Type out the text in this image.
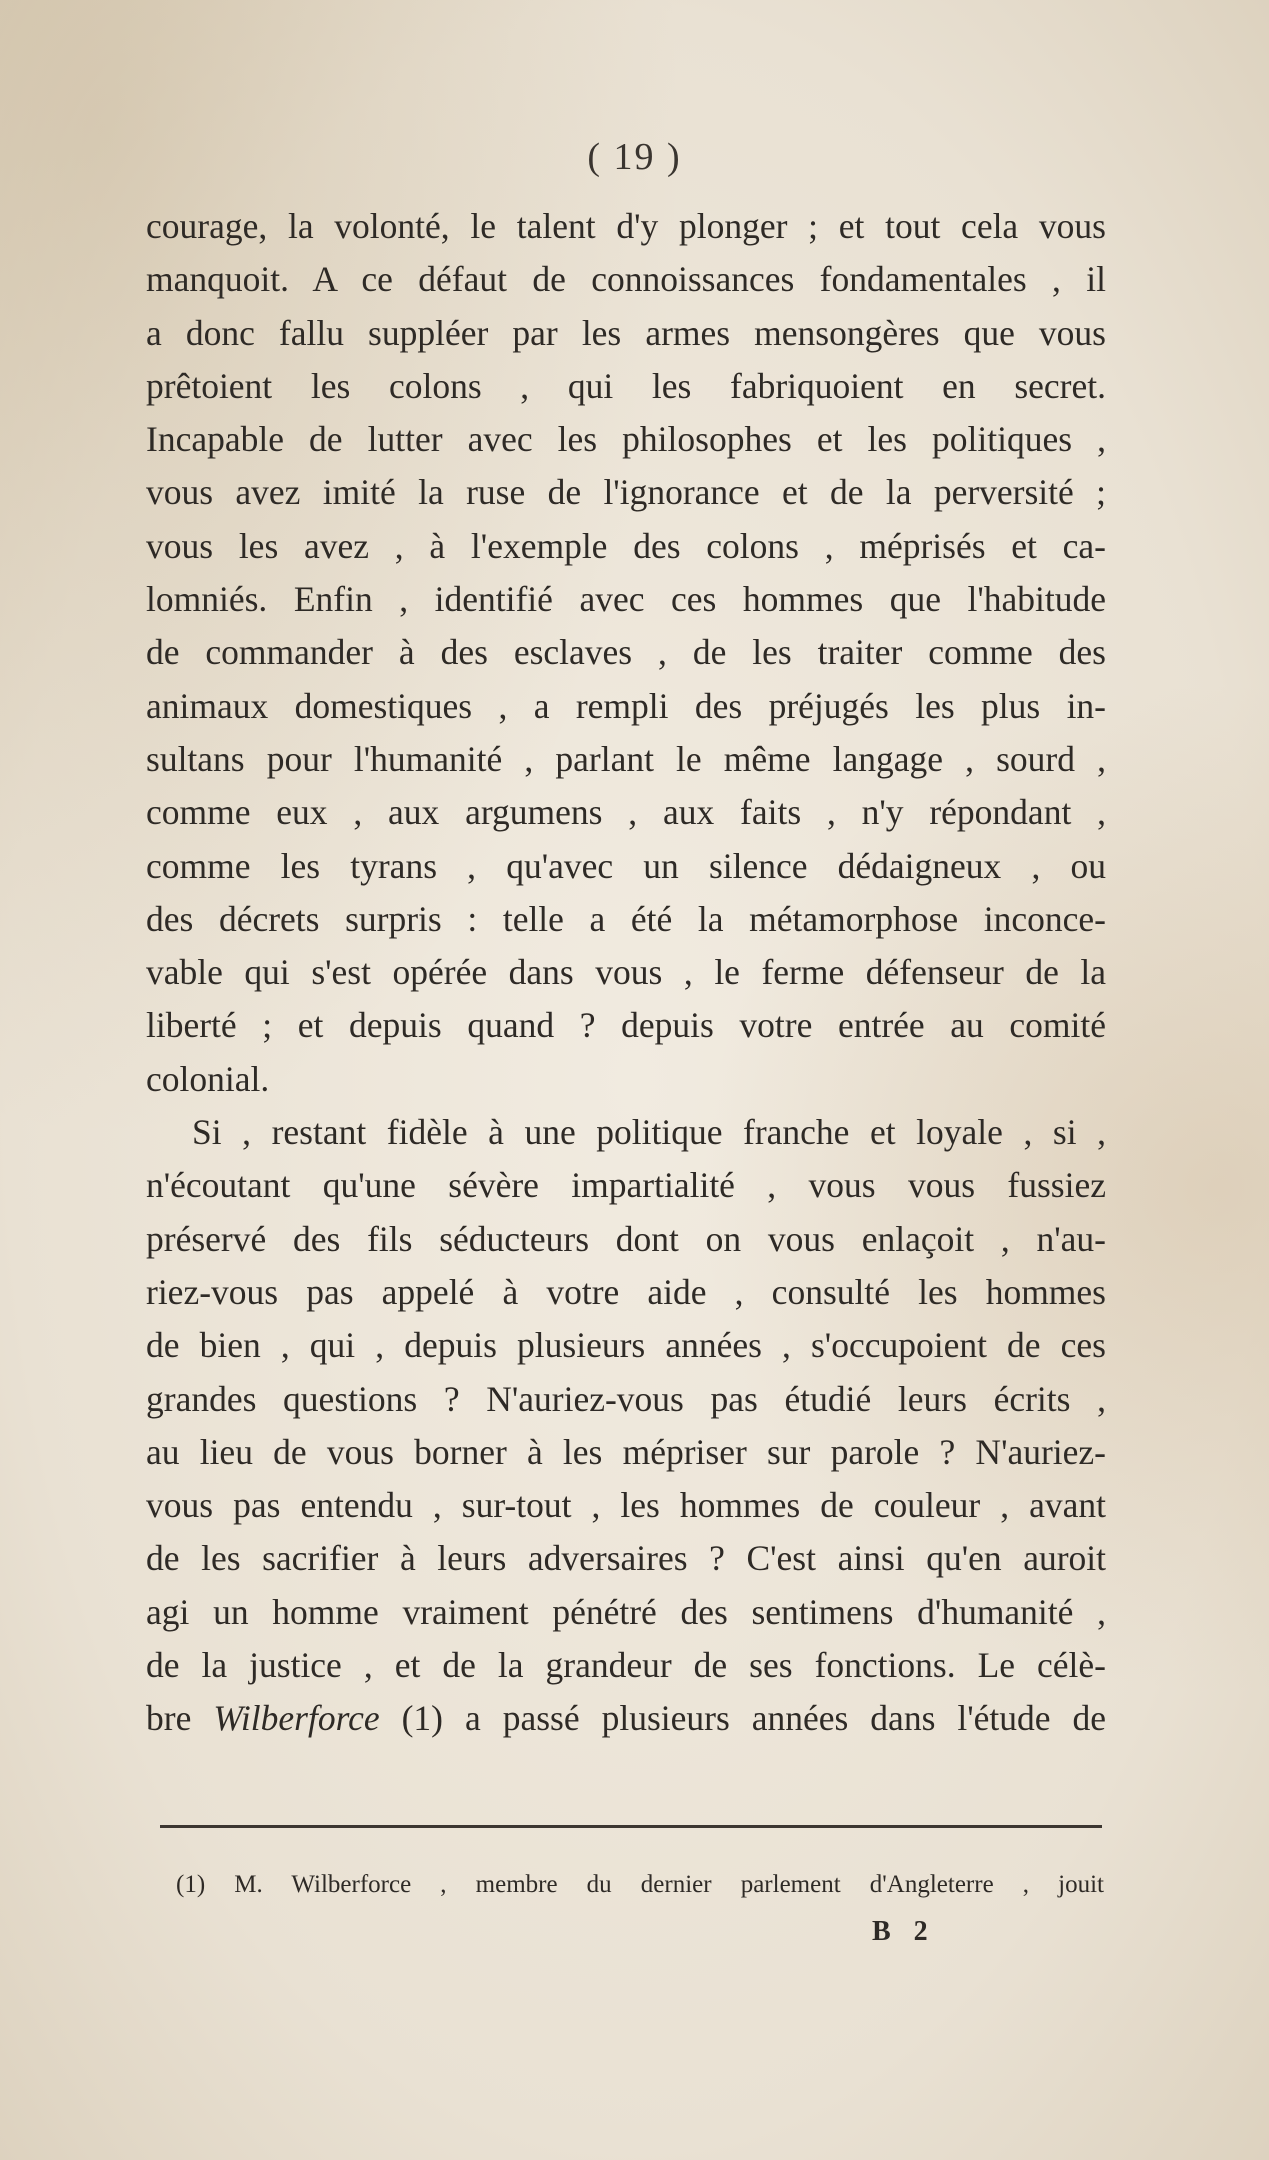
( 19 )
courage, la volonté, le talent d'y plonger ; et tout cela vous
manquoit. A ce défaut de connoissances fondamentales , il
a donc fallu suppléer par les armes mensongères que vous
prêtoient les colons , qui les fabriquoient en secret.
Incapable de lutter avec les philosophes et les politiques ,
vous avez imité la ruse de l'ignorance et de la perversité ;
vous les avez , à l'exemple des colons , méprisés et ca-
lomniés. Enfin , identifié avec ces hommes que l'habitude
de commander à des esclaves , de les traiter comme des
animaux domestiques , a rempli des préjugés les plus in-
sultans pour l'humanité , parlant le même langage , sourd ,
comme eux , aux argumens , aux faits , n'y répondant ,
comme les tyrans , qu'avec un silence dédaigneux , ou
des décrets surpris : telle a été la métamorphose inconce-
vable qui s'est opérée dans vous , le ferme défenseur de la
liberté ; et depuis quand ? depuis votre entrée au comité
colonial.
Si , restant fidèle à une politique franche et loyale , si ,
n'écoutant qu'une sévère impartialité , vous vous fussiez
préservé des fils séducteurs dont on vous enlaçoit , n'au-
riez-vous pas appelé à votre aide , consulté les hommes
de bien , qui , depuis plusieurs années , s'occupoient de ces
grandes questions ? N'auriez-vous pas étudié leurs écrits ,
au lieu de vous borner à les mépriser sur parole ? N'auriez-
vous pas entendu , sur-tout , les hommes de couleur , avant
de les sacrifier à leurs adversaires ? C'est ainsi qu'en auroit
agi un homme vraiment pénétré des sentimens d'humanité ,
de la justice , et de la grandeur de ses fonctions. Le célè-
bre Wilberforce (1) a passé plusieurs années dans l'étude de
(1) M. Wilberforce , membre du dernier parlement d'Angleterre , jouit
B 2
